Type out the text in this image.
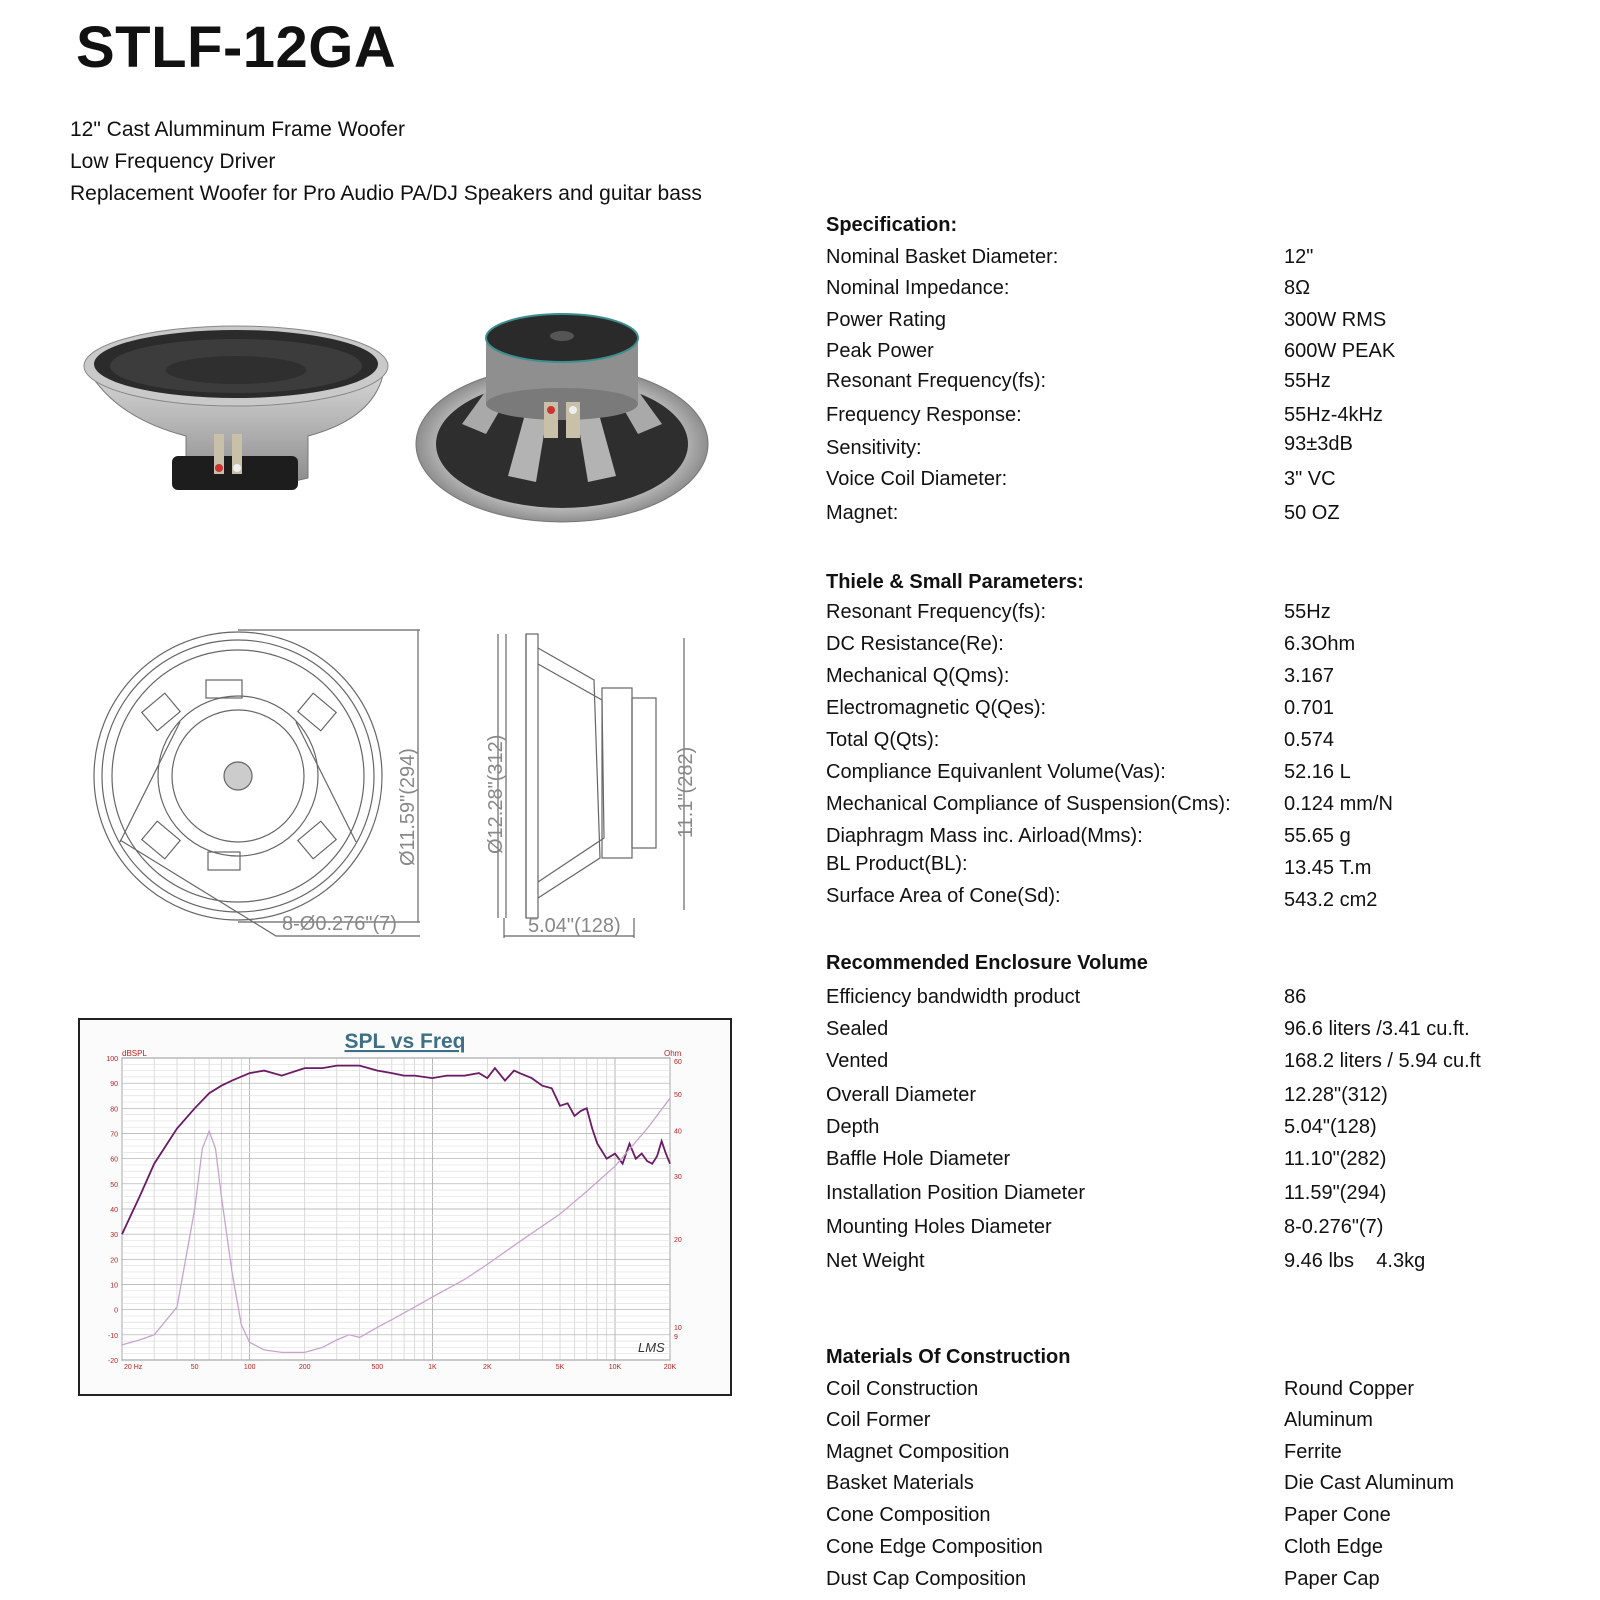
STLF-12GA
12" Cast Alumminum Frame Woofer
Low Frequency Driver
Replacement Woofer for Pro Audio PA/DJ Speakers and guitar bass
Specification:
Nominal Basket Diameter:	12"
Nominal Impedance:	8Ω
Power Rating	300W RMS
Peak Power	600W PEAK
Resonant Frequency(fs):	55Hz
Frequency Response:	55Hz-4kHz
Sensitivity:	93±3dB
Voice Coil Diameter:	3" VC
Magnet:	50 OZ
Thiele & Small Parameters:
Resonant Frequency(fs):	55Hz
DC Resistance(Re):	6.3Ohm
Mechanical Q(Qms):	3.167
Electromagnetic Q(Qes):	0.701
Total Q(Qts):	0.574
Compliance Equivanlent Volume(Vas):	52.16 L
Mechanical Compliance of Suspension(Cms):	0.124 mm/N
Diaphragm Mass inc. Airload(Mms):	55.65 g
BL Product(BL):	13.45 T.m
Surface Area of Cone(Sd):	543.2 cm2
Recommended Enclosure Volume
Efficiency bandwidth product	86
Sealed	96.6 liters /3.41 cu.ft.
Vented	168.2 liters / 5.94 cu.ft
Overall Diameter	12.28"(312)
Depth	5.04"(128)
Baffle Hole Diameter	11.10"(282)
Installation Position Diameter	11.59"(294)
Mounting Holes Diameter	8-0.276"(7)
Net Weight	9.46 lbs    4.3kg
Materials Of Construction
Coil Construction	Round Copper
Coil Former	Aluminum
Magnet Composition	Ferrite
Basket Materials	Die Cast Aluminum
Cone Composition	Paper Cone
Cone Edge Composition	Cloth Edge
Dust Cap Composition	Paper Cap
8-Ø0.276"(7)
Ø11.59"(294)	Ø12.28"(312)	11.1"(282)
5.04"(128)
SPL vs Freq
dBSPL	Ohm
-20
-10
0
10
20
30
40
50
60
70
80
90
100
20 Hz	50	100	200	500	1K	2K	5K	10K	20K
9
10
20
30
40
50
60
LMS
